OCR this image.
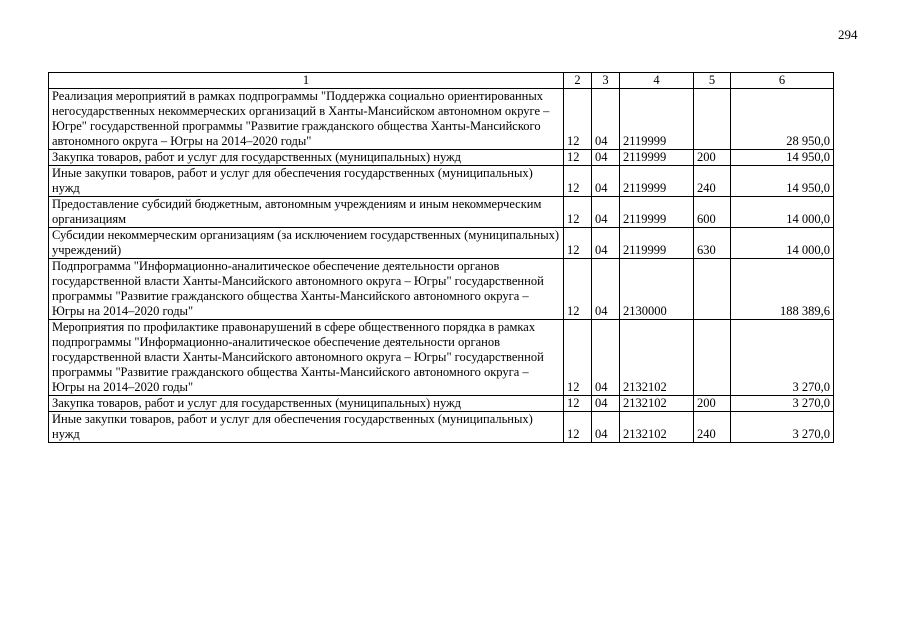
294
1	2	3	4	5	6
Реализация мероприятий в рамках подпрограммы "Поддержка социально ориентированных негосударственных некоммерческих организаций в Ханты-Мансийском автономном округе – Югре" государственной программы "Развитие гражданского общества Ханты-Мансийского автономного округа – Югры на 2014–2020 годы"	12	04	2119999		28 950,0
Закупка товаров, работ и услуг для государственных (муниципальных) нужд	12	04	2119999	200	14 950,0
Иные закупки товаров, работ и услуг для обеспечения государственных (муниципальных) нужд	12	04	2119999	240	14 950,0
Предоставление субсидий бюджетным, автономным учреждениям и иным некоммерческим организациям	12	04	2119999	600	14 000,0
Субсидии некоммерческим организациям (за исключением государственных (муниципальных) учреждений)	12	04	2119999	630	14 000,0
Подпрограмма "Информационно-аналитическое обеспечение деятельности органов государственной власти Ханты-Мансийского автономного округа – Югры" государственной программы "Развитие гражданского общества Ханты-Мансийского автономного округа – Югры на 2014–2020 годы"	12	04	2130000		188 389,6
Мероприятия по профилактике правонарушений в сфере общественного порядка в рамках подпрограммы "Информационно-аналитическое обеспечение деятельности органов государственной власти Ханты-Мансийского автономного округа – Югры" государственной программы "Развитие гражданского общества Ханты-Мансийского автономного округа – Югры на 2014–2020 годы"	12	04	2132102		3 270,0
Закупка товаров, работ и услуг для государственных (муниципальных) нужд	12	04	2132102	200	3 270,0
Иные закупки товаров, работ и услуг для обеспечения государственных (муниципальных) нужд	12	04	2132102	240	3 270,0
